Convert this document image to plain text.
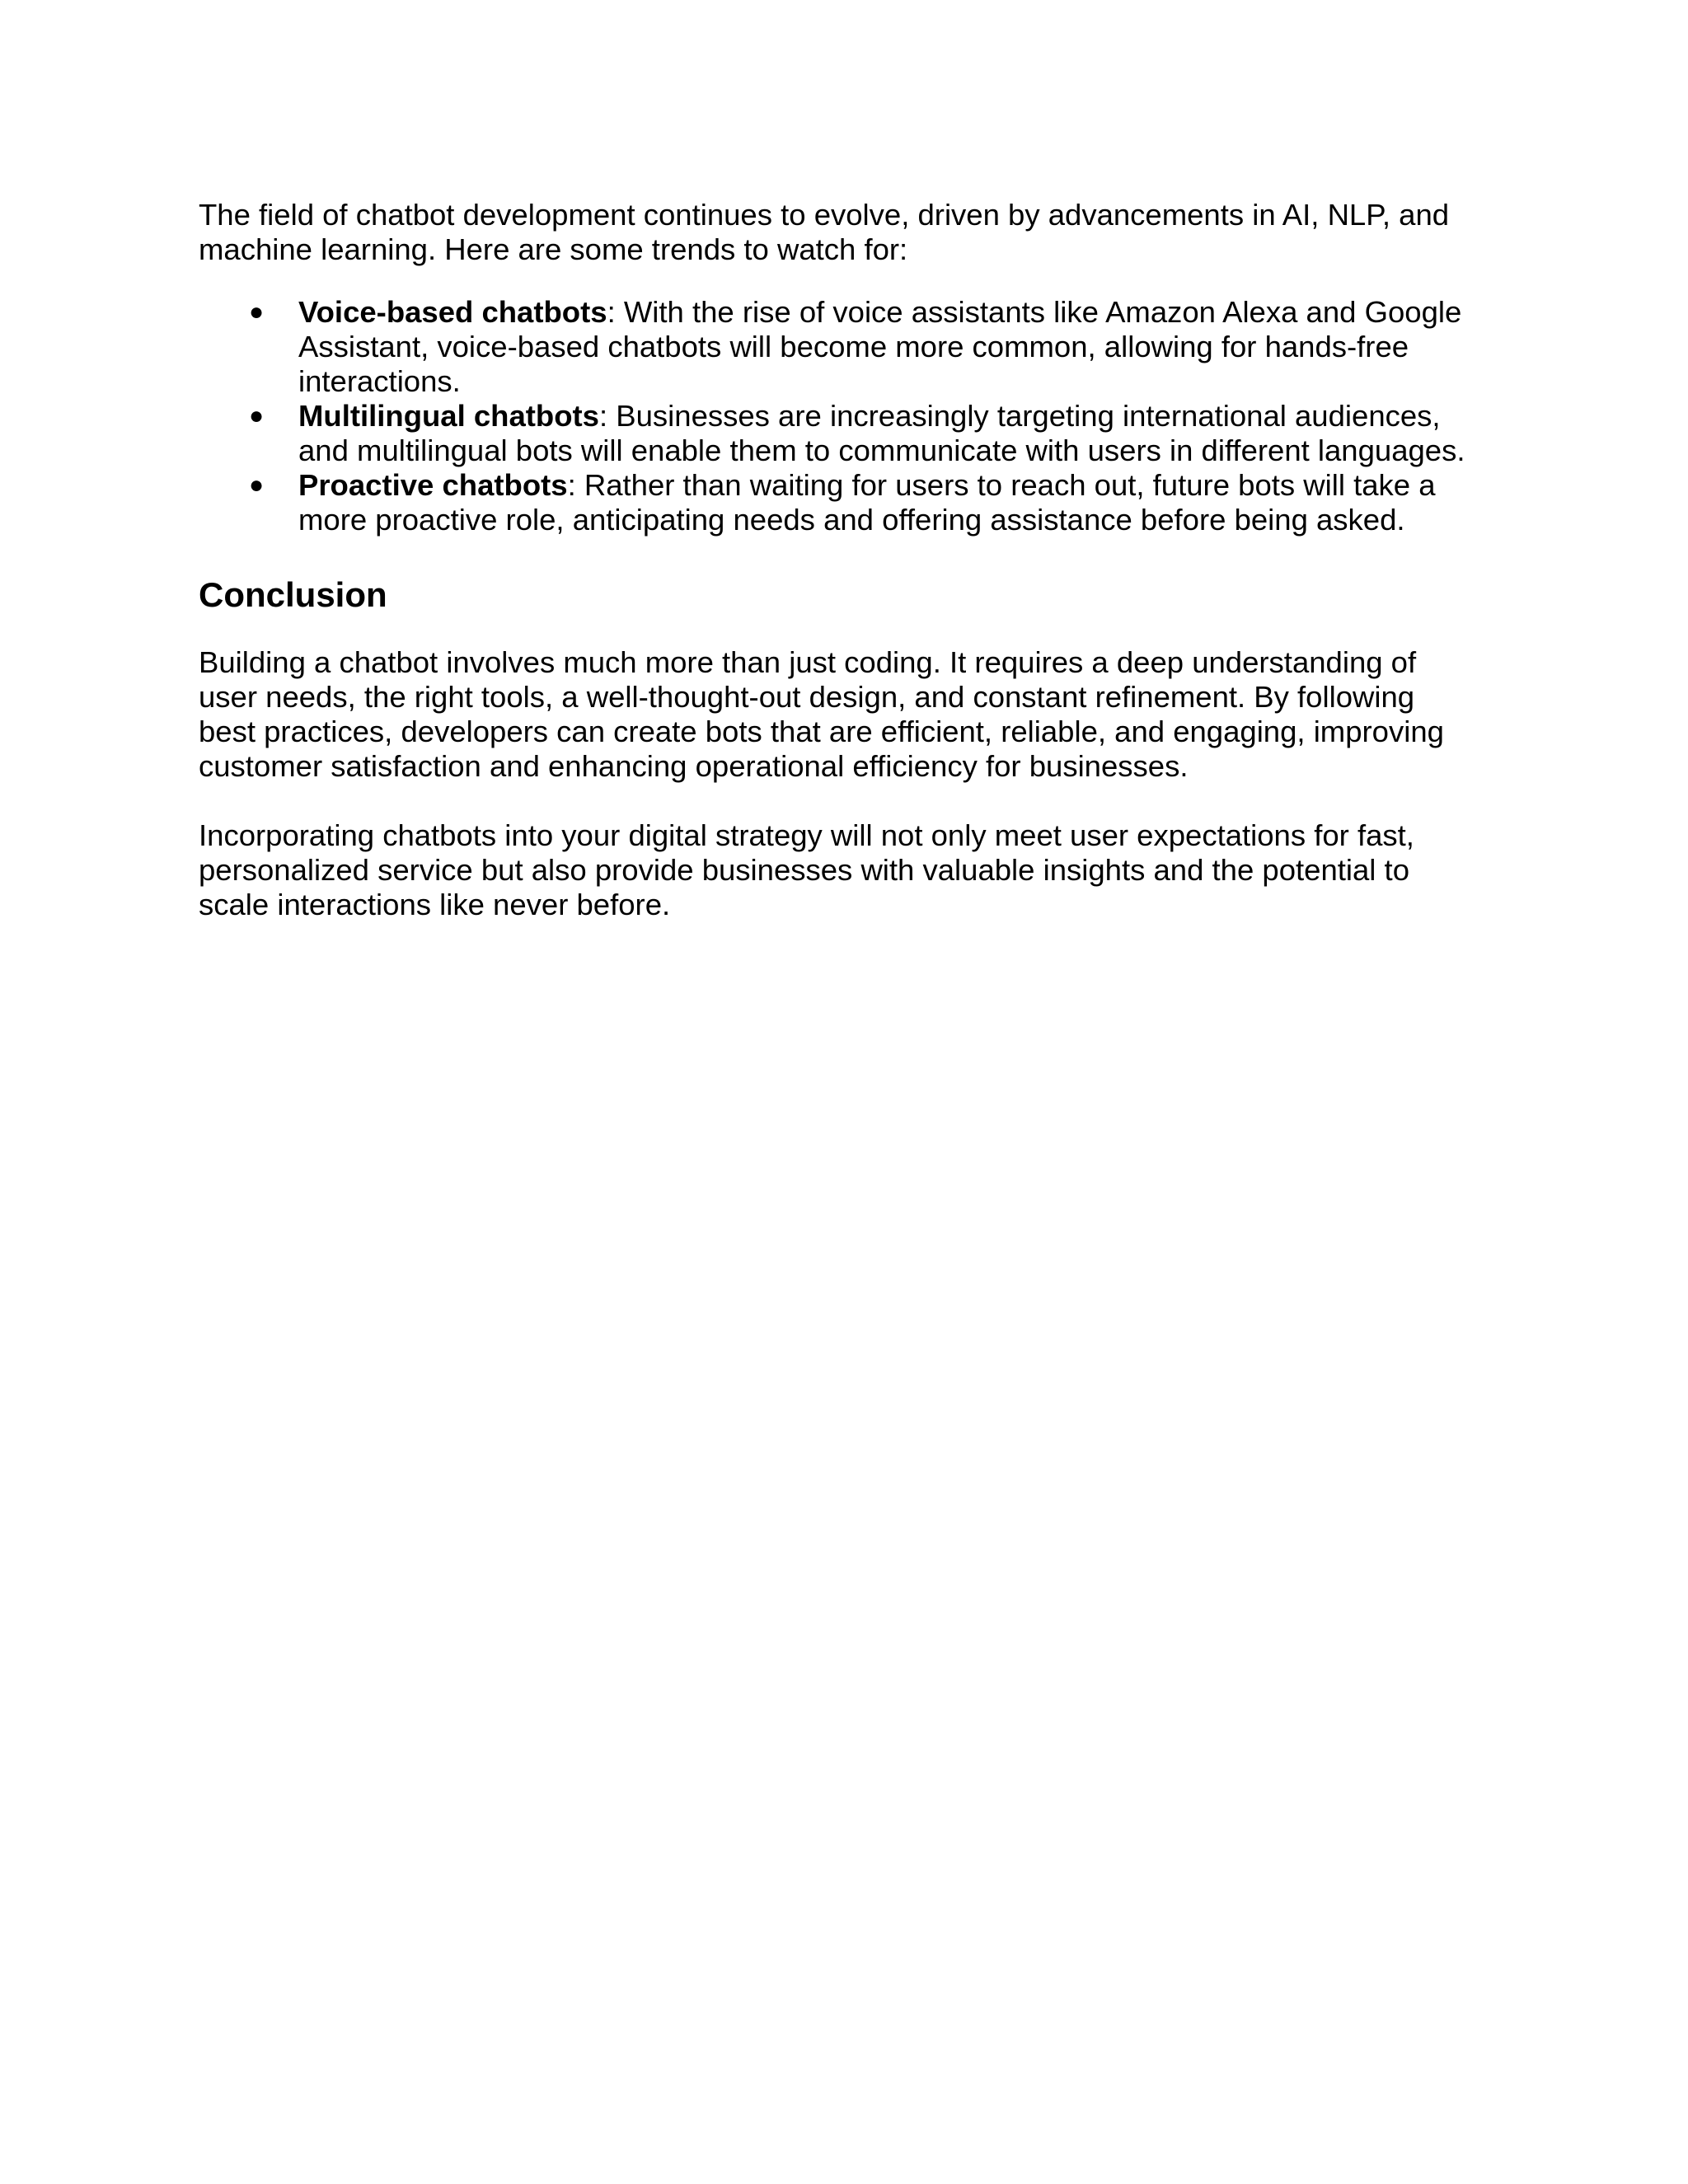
The field of chatbot development continues to evolve, driven by advancements in AI, NLP, and
machine learning. Here are some trends to watch for:

● Voice-based chatbots: With the rise of voice assistants like Amazon Alexa and Google
Assistant, voice-based chatbots will become more common, allowing for hands-free
interactions.
● Multilingual chatbots: Businesses are increasingly targeting international audiences,
and multilingual bots will enable them to communicate with users in different languages.
● Proactive chatbots: Rather than waiting for users to reach out, future bots will take a
more proactive role, anticipating needs and offering assistance before being asked.
Conclusion

Building a chatbot involves much more than just coding. It requires a deep understanding of
user needs, the right tools, a well-thought-out design, and constant refinement. By following
best practices, developers can create bots that are efficient, reliable, and engaging, improving
customer satisfaction and enhancing operational efficiency for businesses.

Incorporating chatbots into your digital strategy will not only meet user expectations for fast,
personalized service but also provide businesses with valuable insights and the potential to
scale interactions like never before.
